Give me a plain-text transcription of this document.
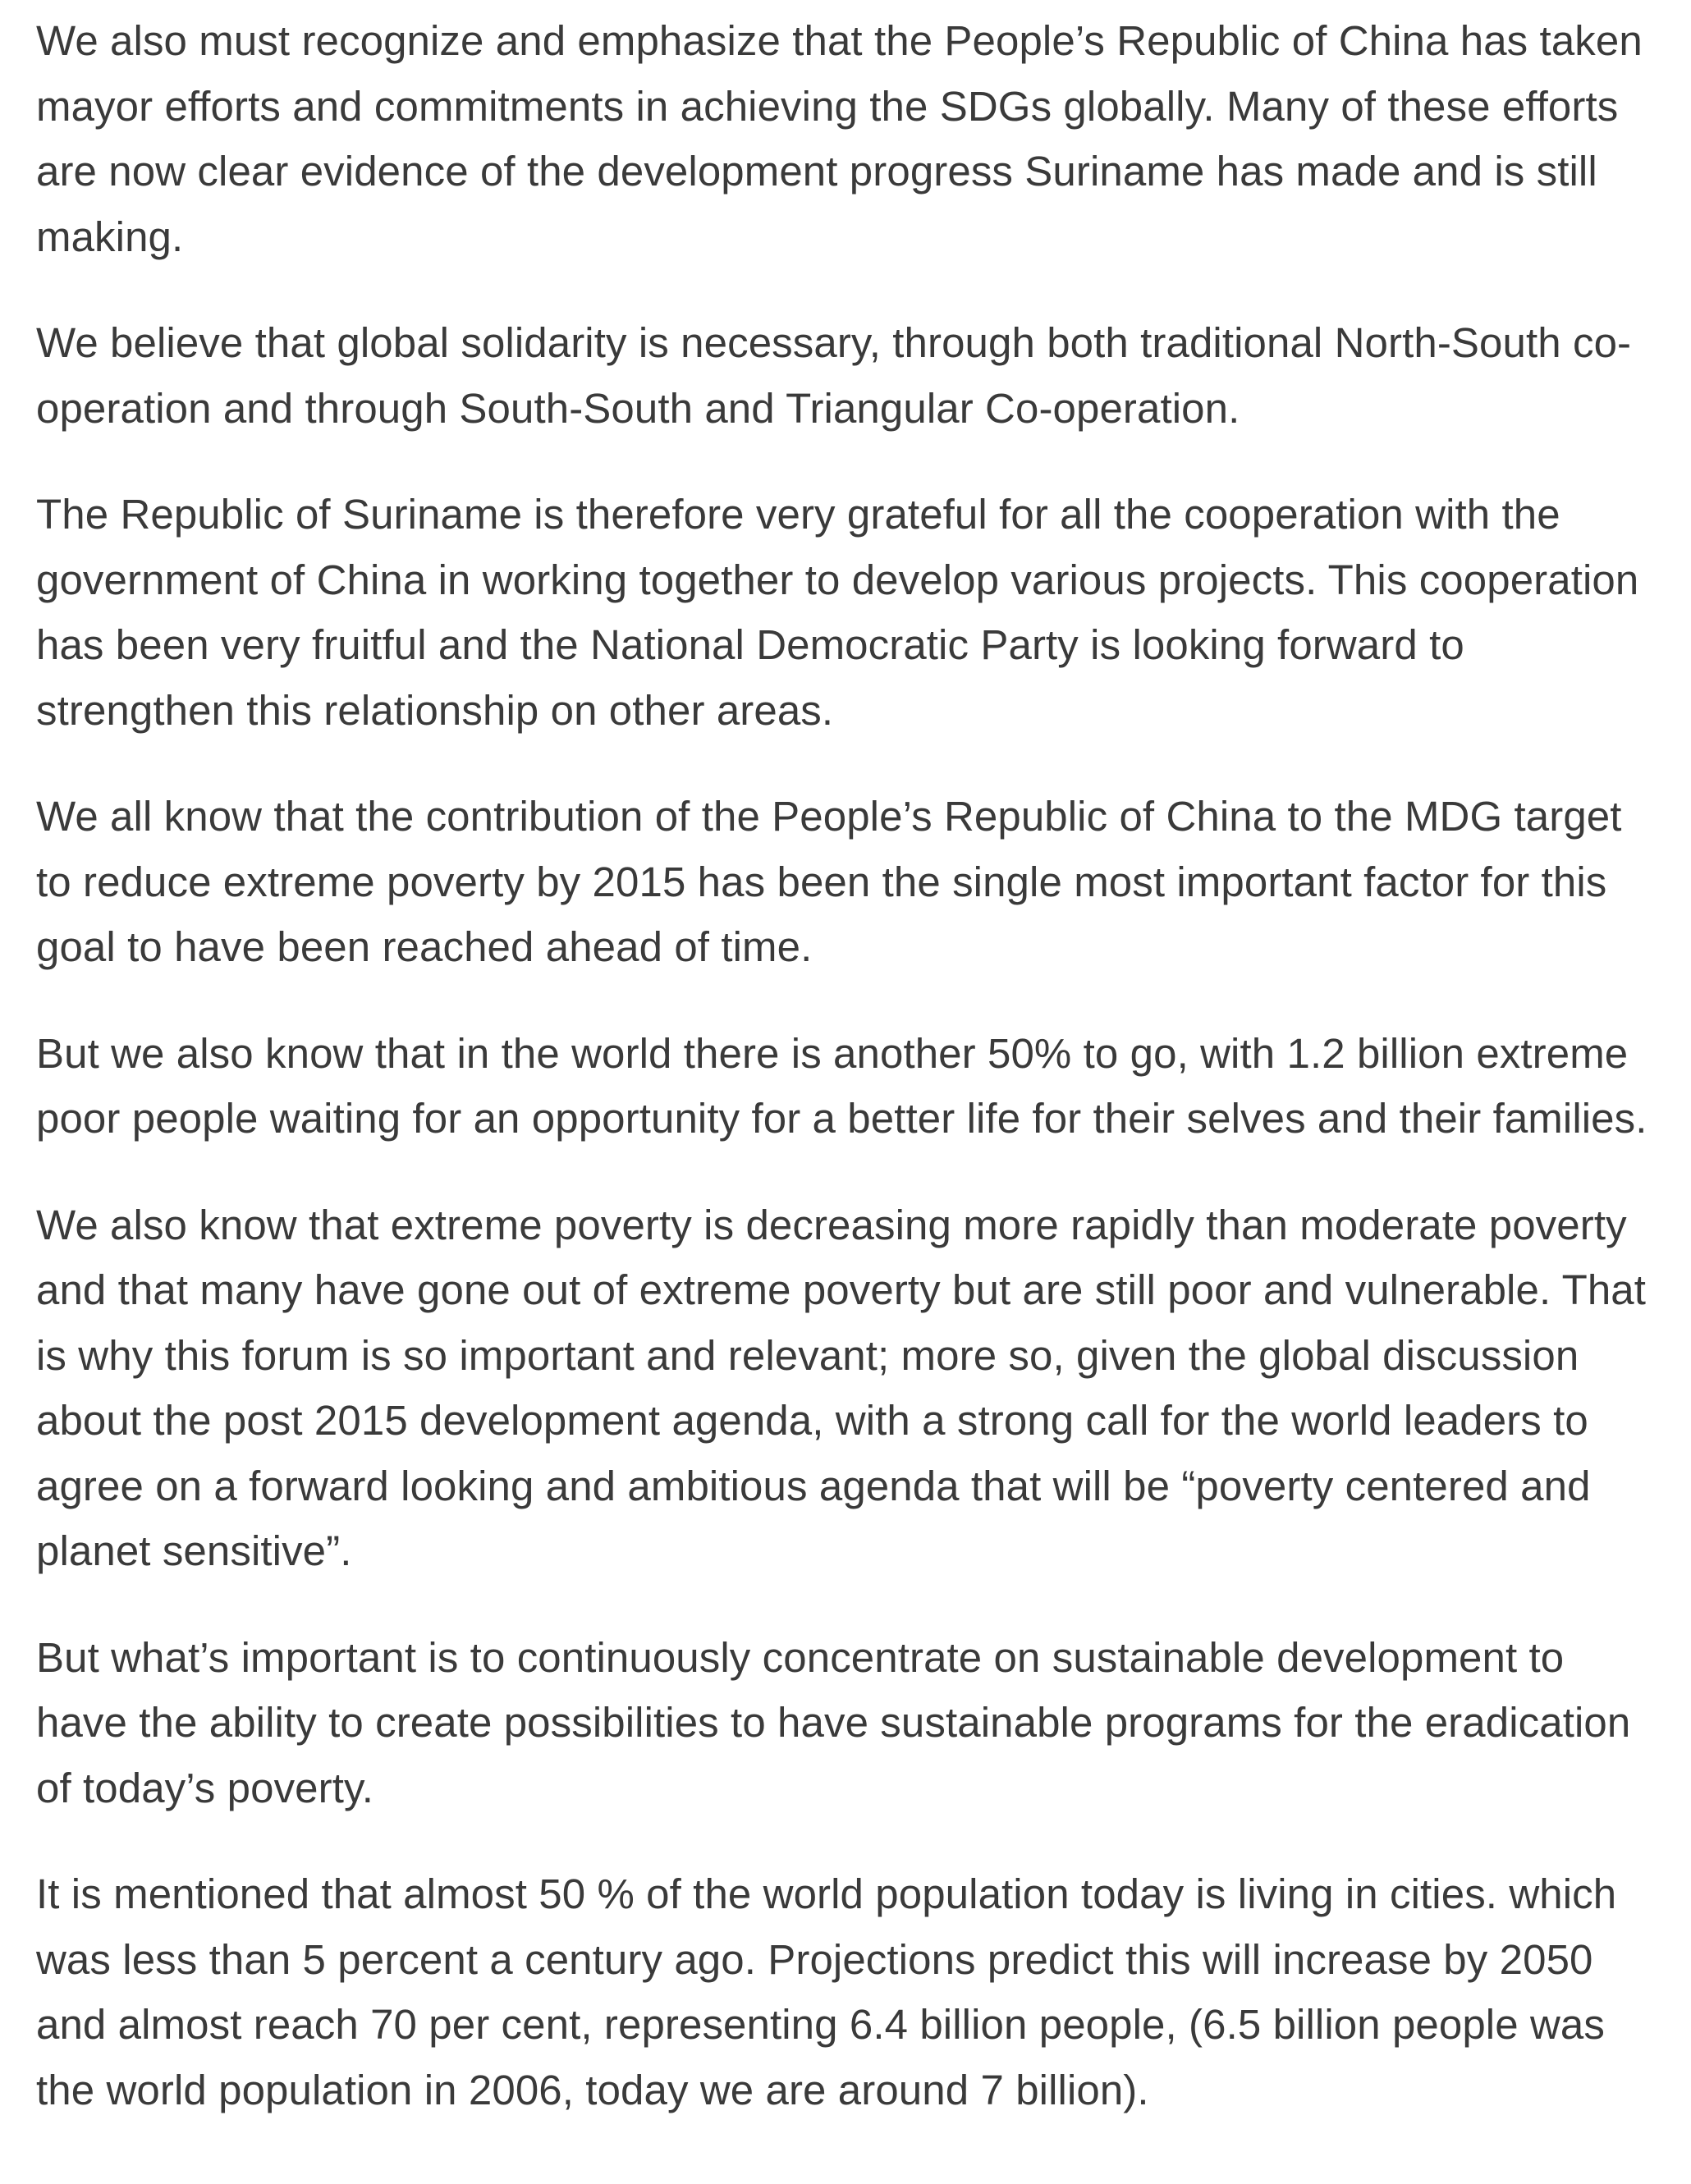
We also must recognize and emphasize that the People’s Republic of China has taken mayor efforts and commitments in achieving the SDGs globally. Many of these efforts are now clear evidence of the development progress Suriname has made and is still making.

We believe that global solidarity is necessary, through both traditional North-South co-operation and through South-South and Triangular Co-operation.

The Republic of Suriname is therefore very grateful for all the cooperation with the government of China in working together to develop various projects. This cooperation has been very fruitful and the National Democratic Party is looking forward to strengthen this relationship on other areas.

We all know that the contribution of the People’s Republic of China to the MDG target to reduce extreme poverty by 2015 has been the single most important factor for this goal to have been reached ahead of time.

But we also know that in the world there is another 50% to go, with 1.2 billion extreme poor people waiting for an opportunity for a better life for their selves and their families.

We also know that extreme poverty is decreasing more rapidly than moderate poverty and that many have gone out of extreme poverty but are still poor and vulnerable. That is why this forum is so important and relevant; more so, given the global discussion about the post 2015 development agenda, with a strong call for the world leaders to agree on a forward looking and ambitious agenda that will be “poverty centered and planet sensitive”.

But what’s important is to continuously concentrate on sustainable development to have the ability to create possibilities to have sustainable programs for the eradication of today’s poverty.

It is mentioned that almost 50 % of the world population today is living in cities. which was less than 5 percent a century ago. Projections predict this will increase by 2050 and almost reach 70 per cent, representing 6.4 billion people, (6.5 billion people was the world population in 2006, today we are around 7 billion).
